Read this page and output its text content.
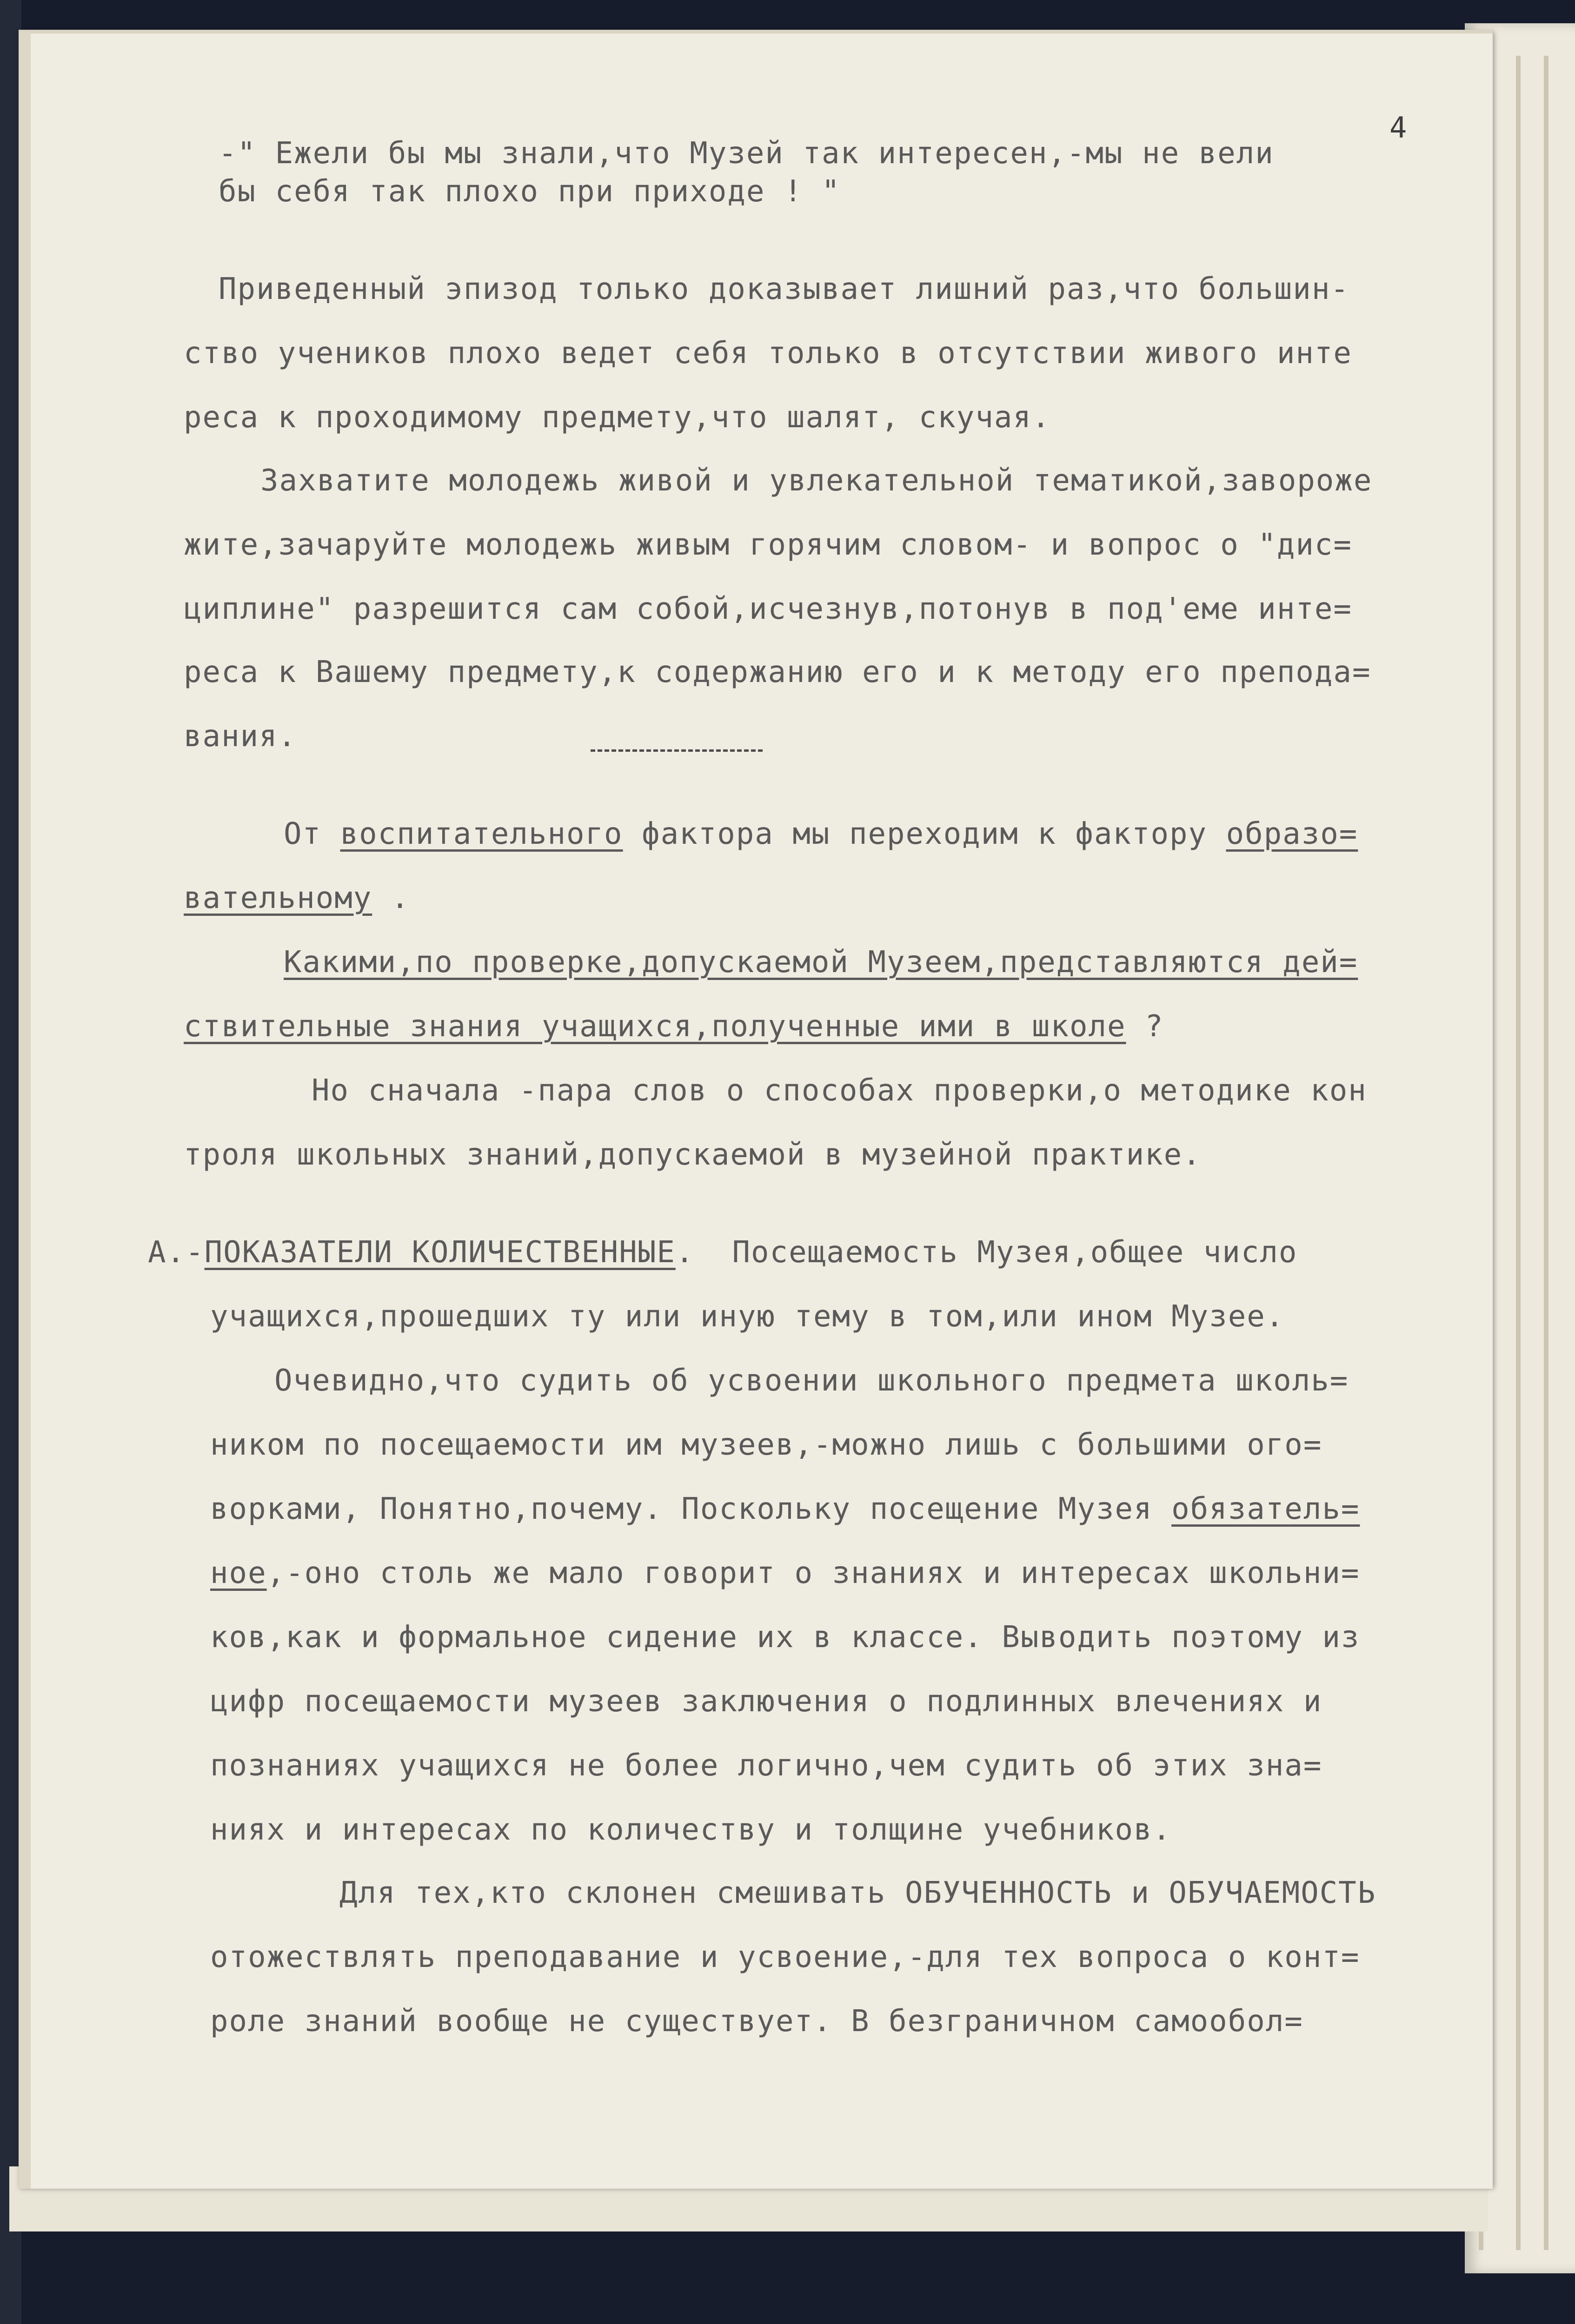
4

-" Ежели бы мы знали,что Музей так интересен,-мы не вели

бы себя так плохо при приходе ! "

Приведенный эпизод только доказывает лишний раз,что большин-

ство учеников плохо ведет себя только в отсутствии живого инте

реса к проходимому предмету,что шалят, скучая.

Захватите молодежь живой и увлекательной тематикой,завороже

жите,зачаруйте молодежь живым горячим словом- и вопрос о "дис=

циплине" разрешится сам собой,исчезнув,потонув в под'еме инте=

реса к Вашему предмету,к содержанию его и к методу его препода=

вания.

От воспитательного фактора мы переходим к фактору образо=

вательному .

Какими,по проверке,допускаемой Музеем,представляются дей=

ствительные знания учащихся,полученные ими в школе ?

Но сначала -пара слов о способах проверки,о методике кон

троля школьных знаний,допускаемой в музейной практике.

А.-ПОКАЗАТЕЛИ КОЛИЧЕСТВЕННЫЕ.  Посещаемость Музея,общее число

учащихся,прошедших ту или иную тему в том,или ином Музее.

Очевидно,что судить об усвоении школьного предмета школь=

ником по посещаемости им музеев,-можно лишь с большими ого=

ворками, Понятно,почему. Поскольку посещение Музея обязатель=

ное,-оно столь же мало говорит о знаниях и интересах школьни=

ков,как и формальное сидение их в классе. Выводить поэтому из

цифр посещаемости музеев заключения о подлинных влечениях и

познаниях учащихся не более логично,чем судить об этих зна=

ниях и интересах по количеству и толщине учебников.

Для тех,кто склонен смешивать ОБУЧЕННОСТЬ и ОБУЧАЕМОСТЬ

отожествлять преподавание и усвоение,-для тех вопроса о конт=

роле знаний вообще не существует. В безграничном самообол=
